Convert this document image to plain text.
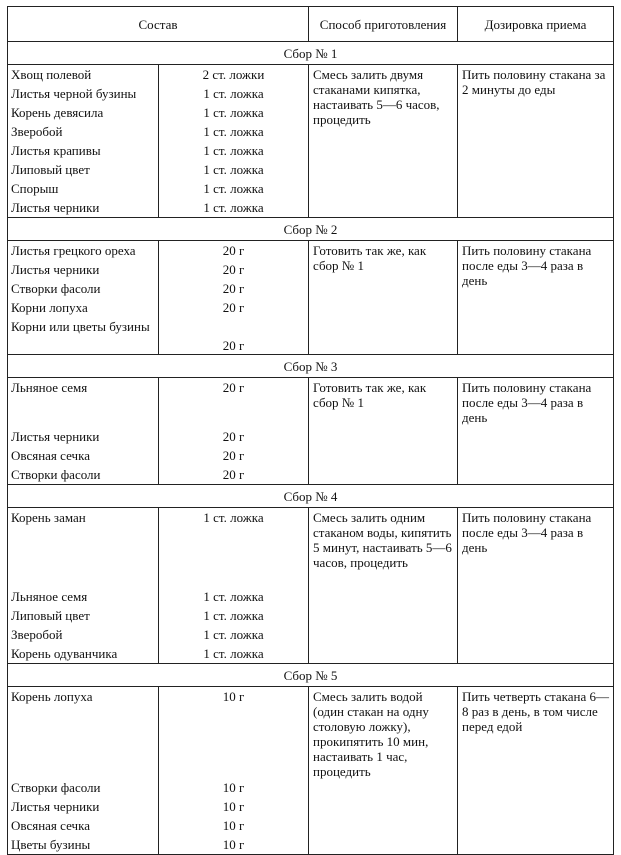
Состав		Способ приготовления	Дозировка приема
Сбор № 1			
Хвощ полевой	2 ст. ложки	Смесь залить двумя стаканами кипятка, настаивать 5—6 часов, процедить	Пить половину стакана за 2 минуты до еды
Листья черной бузины	1 ст. ложка		
Корень девясила	1 ст. ложка		
Зверобой	1 ст. ложка		
Листья крапивы	1 ст. ложка		
Липовый цвет	1 ст. ложка		
Спорыш	1 ст. ложка		
Листья черники	1 ст. ложка		
Сбор № 2			
Листья грецкого ореха	20 г	Готовить так же, как сбор № 1	Пить половину стакана после еды 3—4 раза в день
Листья черники	20 г		
Створки фасоли	20 г		
Корни лопуха	20 г		
Корни или цветы бузины	20 г		
Сбор № 3			
Льняное семя	20 г	Готовить так же, как сбор № 1	Пить половину стакана после еды 3—4 раза в день
Листья черники	20 г		
Овсяная сечка	20 г		
Створки фасоли	20 г		
Сбор № 4			
Корень заман	1 ст. ложка	Смесь залить одним стаканом воды, кипятить 5 минут, настаивать 5—6 часов, процедить	Пить половину стакана после еды 3—4 раза в день
Льняное семя	1 ст. ложка		
Липовый цвет	1 ст. ложка		
Зверобой	1 ст. ложка		
Корень одуванчика	1 ст. ложка		
Сбор № 5			
Корень лопуха	10 г	Смесь залить водой (один стакан на одну столовую ложку), прокипятить 10 мин, настаивать 1 час, процедить	Пить четверть стакана 6—8 раз в день, в том числе перед едой
Створки фасоли	10 г		
Листья черники	10 г		
Овсяная сечка	10 г		
Цветы бузины	10 г		
